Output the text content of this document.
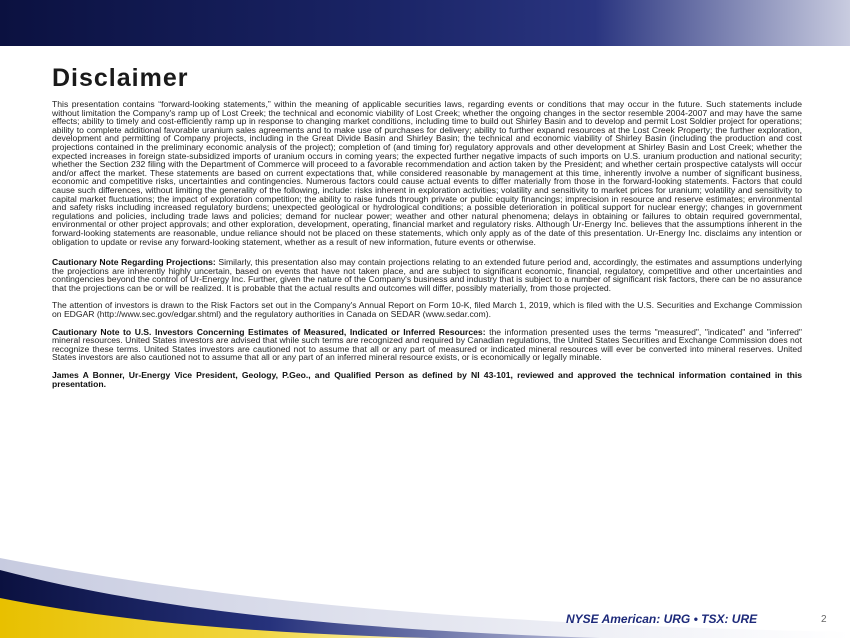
Disclaimer

This presentation contains “forward-looking statements,” within the meaning of applicable securities laws, regarding events or conditions that may occur in the future. Such statements include without limitation the Company's ramp up of Lost Creek; the technical and economic viability of Lost Creek; whether the ongoing changes in the sector resemble 2004-2007 and may have the same effects; ability to timely and cost-efficiently ramp up in response to changing market conditions, including time to build out Shirley Basin and to develop and permit Lost Soldier project for operations; ability to complete additional favorable uranium sales agreements and to make use of purchases for delivery; ability to further expand resources at the Lost Creek Property; the further exploration, development and permitting of Company projects, including in the Great Divide Basin and Shirley Basin; the technical and economic viability of Shirley Basin (including the production and cost projections contained in the preliminary economic analysis of the project); completion of (and timing for) regulatory approvals and other development at Shirley Basin and Lost Creek; whether the expected increases in foreign state-subsidized imports of uranium occurs in coming years; the expected further negative impacts of such imports on U.S. uranium production and national security; whether the Section 232 filing with the Department of Commerce will proceed to a favorable recommendation and action taken by the President; and whether certain prospective catalysts will occur and/or affect the market. These statements are based on current expectations that, while considered reasonable by management at this time, inherently involve a number of significant business, economic and competitive risks, uncertainties and contingencies. Numerous factors could cause actual events to differ materially from those in the forward-looking statements. Factors that could cause such differences, without limiting the generality of the following, include: risks inherent in exploration activities; volatility and sensitivity to market prices for uranium; volatility and sensitivity to capital market fluctuations; the impact of exploration competition; the ability to raise funds through private or public equity financings; imprecision in resource and reserve estimates; environmental and safety risks including increased regulatory burdens; unexpected geological or hydrological conditions; a possible deterioration in political support for nuclear energy; changes in government regulations and policies, including trade laws and policies; demand for nuclear power; weather and other natural phenomena; delays in obtaining or failures to obtain required governmental, environmental or other project approvals; and other exploration, development, operating, financial market and regulatory risks. Although Ur-Energy Inc. believes that the assumptions inherent in the forward-looking statements are reasonable, undue reliance should not be placed on these statements, which only apply as of the date of this presentation. Ur-Energy Inc. disclaims any intention or obligation to update or revise any forward-looking statement, whether as a result of new information, future events or otherwise.

Cautionary Note Regarding Projections: Similarly, this presentation also may contain projections relating to an extended future period and, accordingly, the estimates and assumptions underlying the projections are inherently highly uncertain, based on events that have not taken place, and are subject to significant economic, financial, regulatory, competitive and other uncertainties and contingencies beyond the control of Ur-Energy Inc. Further, given the nature of the Company's business and industry that is subject to a number of significant risk factors, there can be no assurance that the projections can be or will be realized. It is probable that the actual results and outcomes will differ, possibly materially, from those projected.

The attention of investors is drawn to the Risk Factors set out in the Company's Annual Report on Form 10-K, filed March 1, 2019, which is filed with the U.S. Securities and Exchange Commission on EDGAR (http://www.sec.gov/edgar.shtml) and the regulatory authorities in Canada on SEDAR (www.sedar.com).

Cautionary Note to U.S. Investors Concerning Estimates of Measured, Indicated or Inferred Resources: the information presented uses the terms "measured", "indicated" and "inferred" mineral resources. United States investors are advised that while such terms are recognized and required by Canadian regulations, the United States Securities and Exchange Commission does not recognize these terms. United States investors are cautioned not to assume that all or any part of measured or indicated mineral resources will ever be converted into mineral reserves. United States investors are also cautioned not to assume that all or any part of an inferred mineral resource exists, or is economically or legally minable.

James A Bonner, Ur-Energy Vice President, Geology, P.Geo., and Qualified Person as defined by NI 43-101, reviewed and approved the technical information contained in this presentation.

NYSE American: URG • TSX: URE	2
